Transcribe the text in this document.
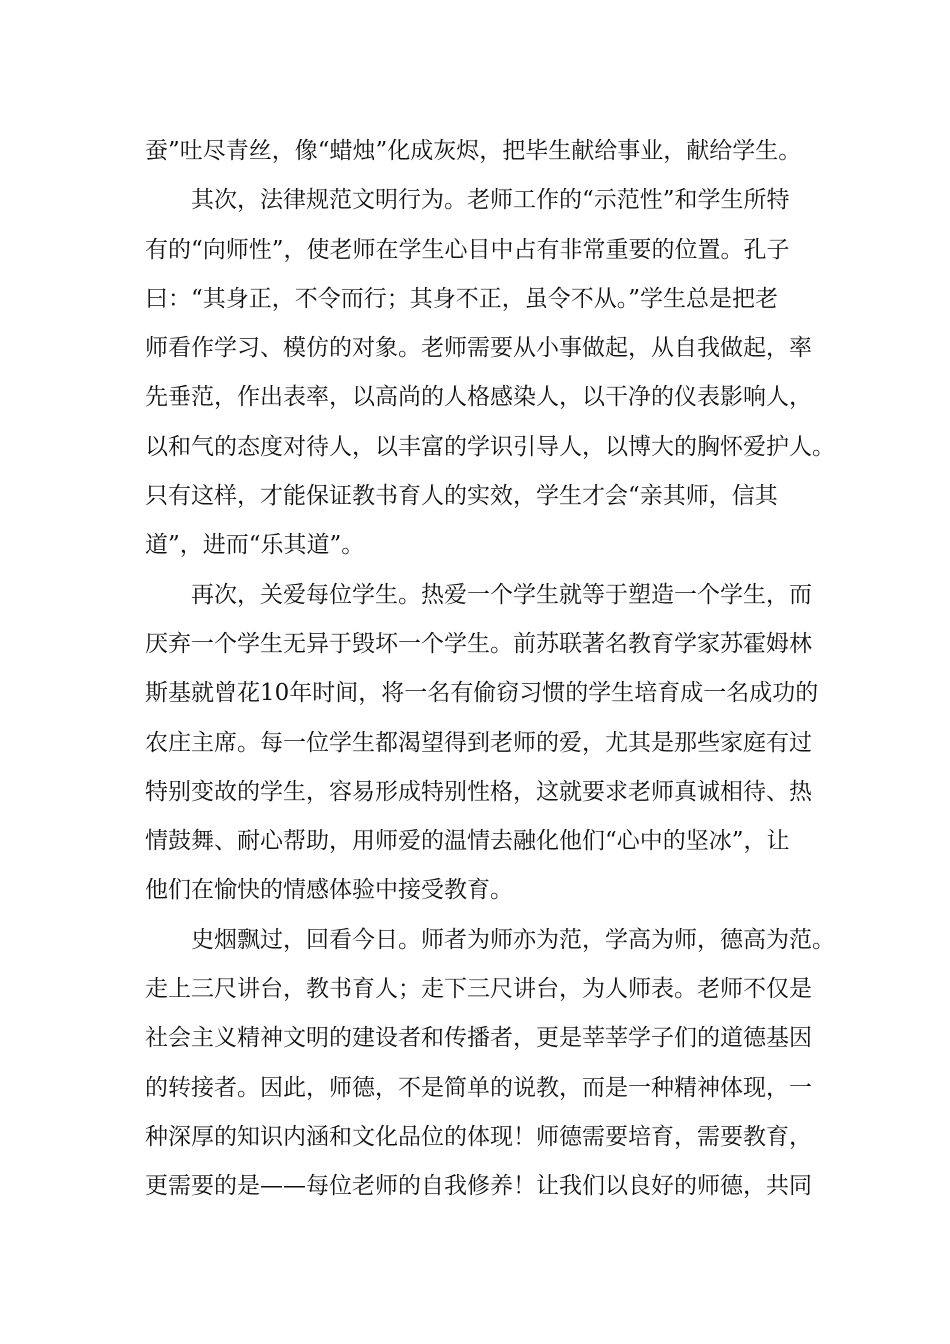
蚕”吐尽青丝，像“蜡烛”化成灰烬，把毕生献给事业，献给学生。
　　其次，法律规范文明行为。老师工作的“示范性”和学生所特
有的“向师性”，使老师在学生心目中占有非常重要的位置。孔子
曰：“其身正，不令而行；其身不正，虽令不从。”学生总是把老
师看作学习、模仿的对象。老师需要从小事做起，从自我做起，率
先垂范，作出表率，以高尚的人格感染人，以干净的仪表影响人，
以和气的态度对待人，以丰富的学识引导人，以博大的胸怀爱护人。
只有这样，才能保证教书育人的实效，学生才会“亲其师，信其
道”，进而“乐其道”。
　　再次，关爱每位学生。热爱一个学生就等于塑造一个学生，而
厌弃一个学生无异于毁坏一个学生。前苏联著名教育学家苏霍姆林
斯基就曾花10年时间，将一名有偷窃习惯的学生培育成一名成功的
农庄主席。每一位学生都渴望得到老师的爱，尤其是那些家庭有过
特别变故的学生，容易形成特别性格，这就要求老师真诚相待、热
情鼓舞、耐心帮助，用师爱的温情去融化他们“心中的坚冰”，让
他们在愉快的情感体验中接受教育。
　　史烟飘过，回看今日。师者为师亦为范，学高为师，德高为范。
走上三尺讲台，教书育人；走下三尺讲台，为人师表。老师不仅是
社会主义精神文明的建设者和传播者，更是莘莘学子们的道德基因
的转接者。因此，师德，不是简单的说教，而是一种精神体现，一
种深厚的知识内涵和文化品位的体现！师德需要培育，需要教育，
更需要的是——每位老师的自我修养！让我们以良好的师德，共同
